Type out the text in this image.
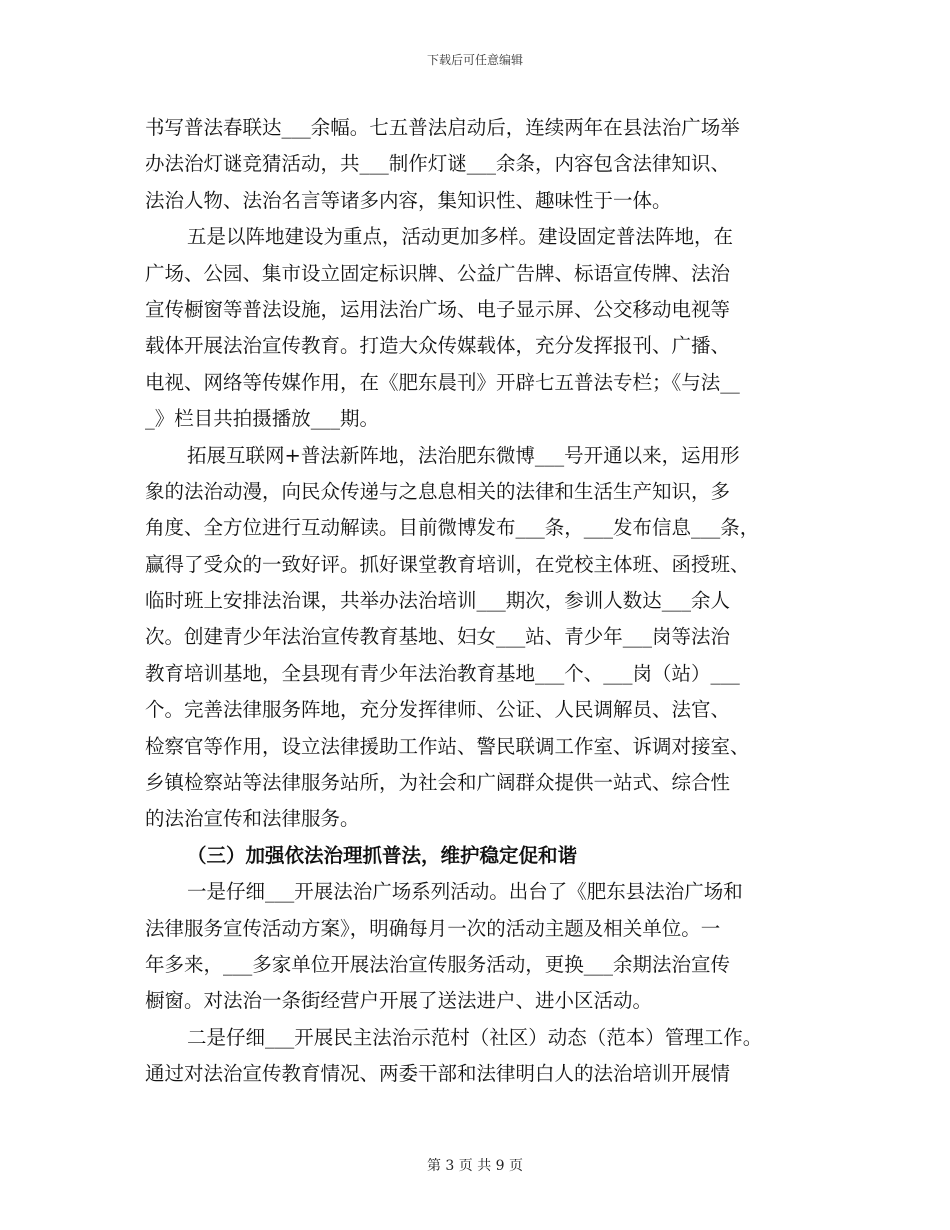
下载后可任意编辑
书写普法春联达___余幅。七五普法启动后，连续两年在县法治广场举
办法治灯谜竞猜活动，共___制作灯谜___余条，内容包含法律知识、
法治人物、法治名言等诸多内容，集知识性、趣味性于一体。
五是以阵地建设为重点，活动更加多样。建设固定普法阵地，在
广场、公园、集市设立固定标识牌、公益广告牌、标语宣传牌、法治
宣传橱窗等普法设施，运用法治广场、电子显示屏、公交移动电视等
载体开展法治宣传教育。打造大众传媒载体，充分发挥报刊、广播、
电视、网络等传媒作用，在《肥东晨刊》开辟七五普法专栏；《与法__
_》栏目共拍摄播放___期。
拓展互联网+普法新阵地，法治肥东微博___号开通以来，运用形
象的法治动漫，向民众传递与之息息相关的法律和生活生产知识，多
角度、全方位进行互动解读。目前微博发布___条，___发布信息___条，
赢得了受众的一致好评。抓好课堂教育培训，在党校主体班、函授班、
临时班上安排法治课，共举办法治培训___期次，参训人数达___余人
次。创建青少年法治宣传教育基地、妇女___站、青少年___岗等法治
教育培训基地，全县现有青少年法治教育基地___个、___岗（站）___
个。完善法律服务阵地，充分发挥律师、公证、人民调解员、法官、
检察官等作用，设立法律援助工作站、警民联调工作室、诉调对接室、
乡镇检察站等法律服务站所，为社会和广阔群众提供一站式、综合性
的法治宣传和法律服务。
（三）加强依法治理抓普法，维护稳定促和谐
一是仔细___开展法治广场系列活动。出台了《肥东县法治广场和
法律服务宣传活动方案》，明确每月一次的活动主题及相关单位。一
年多来，___多家单位开展法治宣传服务活动，更换___余期法治宣传
橱窗。对法治一条街经营户开展了送法进户、进小区活动。
二是仔细___开展民主法治示范村（社区）动态（范本）管理工作。
通过对法治宣传教育情况、两委干部和法律明白人的法治培训开展情
第 3 页 共 9 页
